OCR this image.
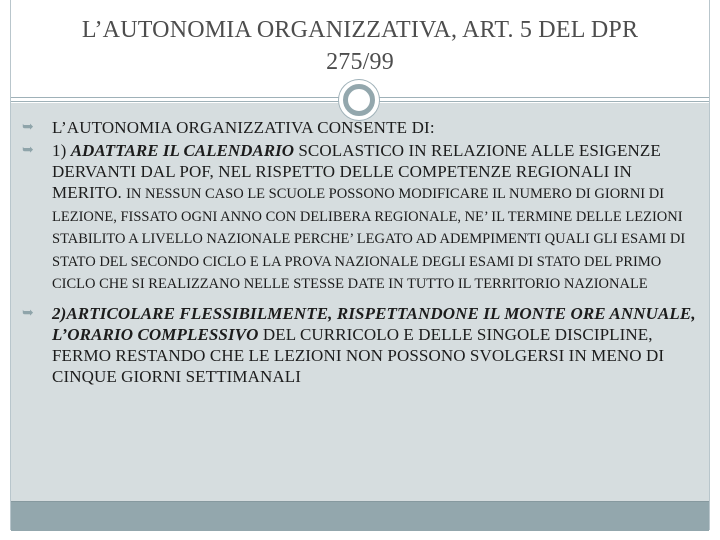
L’AUTONOMIA ORGANIZZATIVA, ART. 5 DEL DPR 275/99
➥ L’AUTONOMIA ORGANIZZATIVA CONSENTE DI:
➥ 1) ADATTARE IL CALENDARIO SCOLASTICO IN RELAZIONE ALLE ESIGENZE DERVANTI DAL POF, NEL RISPETTO DELLE COMPETENZE REGIONALI IN MERITO. IN NESSUN CASO LE SCUOLE POSSONO MODIFICARE IL NUMERO DI GIORNI DI LEZIONE, FISSATO OGNI ANNO CON DELIBERA REGIONALE, NE’ IL TERMINE DELLE LEZIONI STABILITO A LIVELLO NAZIONALE PERCHE’ LEGATO AD ADEMPIMENTI QUALI GLI ESAMI DI STATO DEL SECONDO CICLO E LA PROVA NAZIONALE DEGLI ESAMI DI STATO DEL PRIMO CICLO CHE SI REALIZZANO NELLE STESSE DATE IN TUTTO IL TERRITORIO NAZIONALE
➥ 2)ARTICOLARE FLESSIBILMENTE, RISPETTANDONE IL MONTE ORE ANNUALE, L’ORARIO COMPLESSIVO DEL CURRICOLO E DELLE SINGOLE DISCIPLINE, FERMO RESTANDO CHE LE LEZIONI NON POSSONO SVOLGERSI IN MENO DI CINQUE GIORNI SETTIMANALI
